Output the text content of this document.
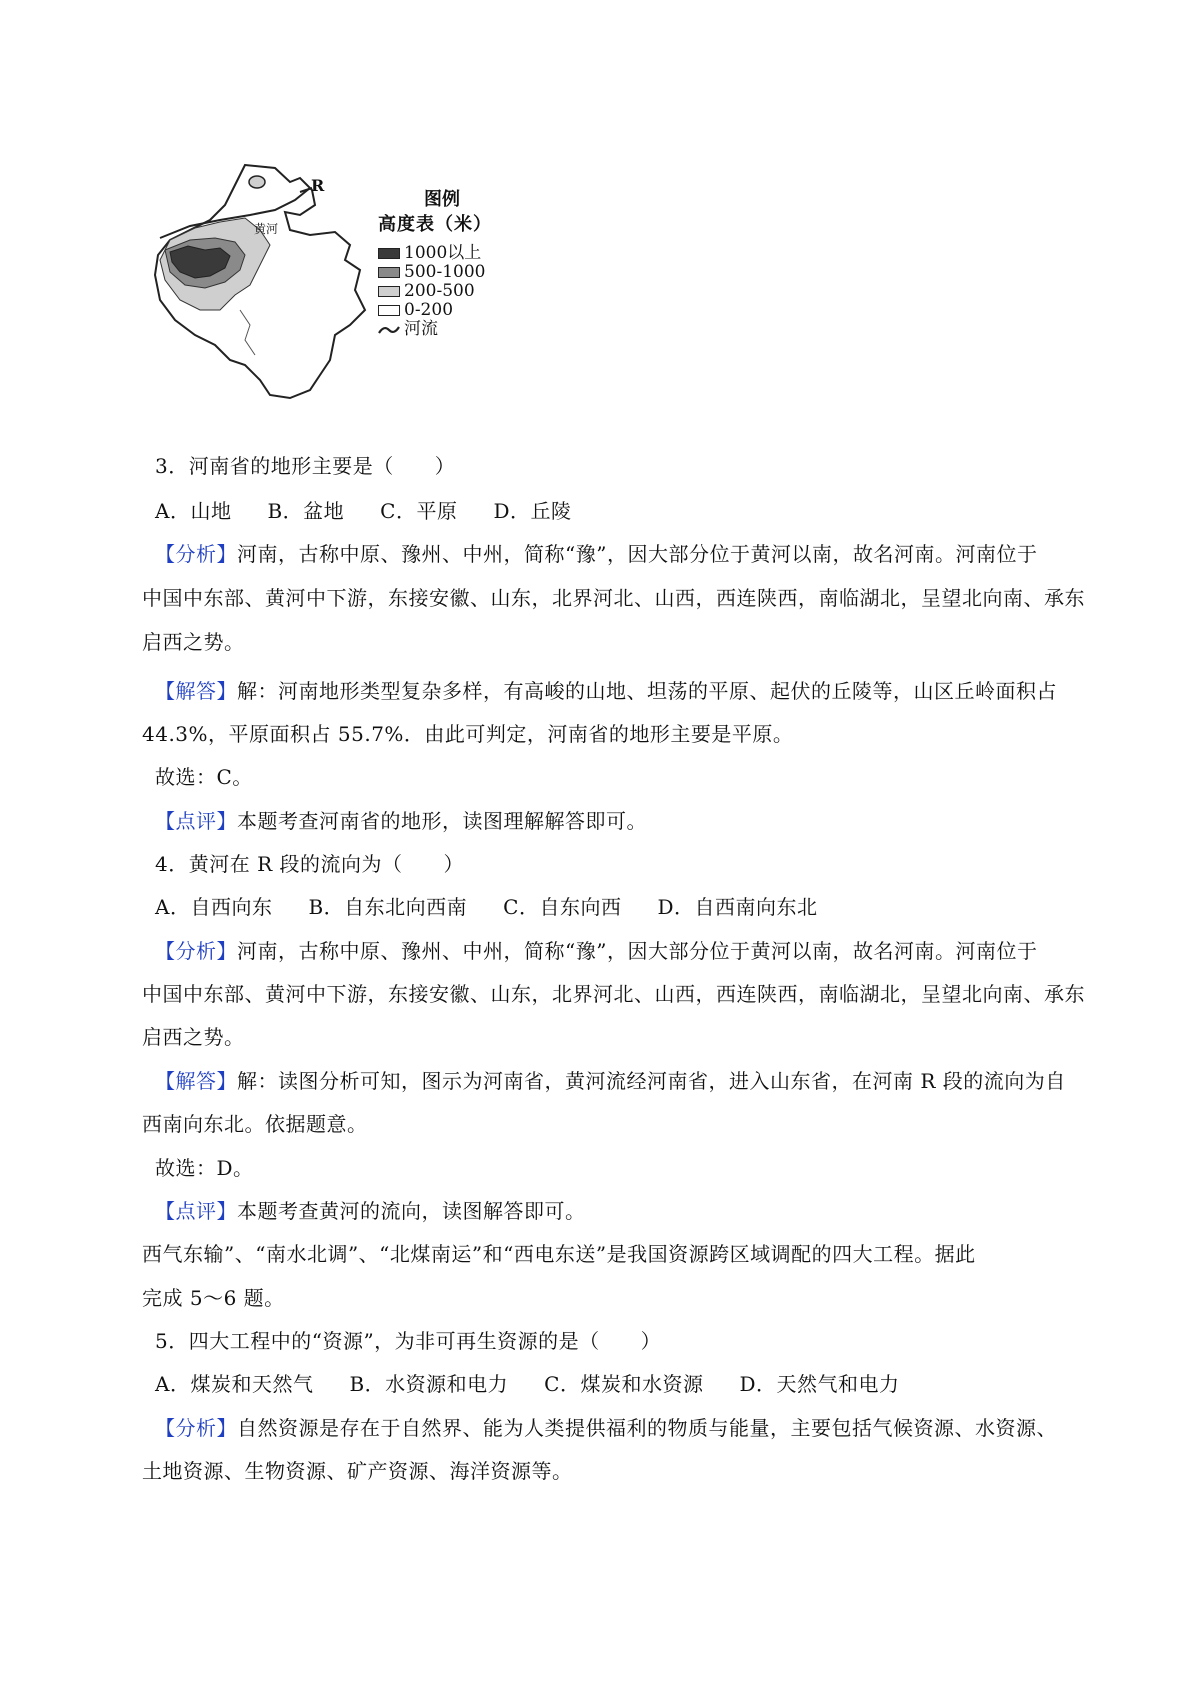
R
黄河
图例
高度表（米）
1000以上
500-1000
200-500
0-200
河流
3．河南省的地形主要是（　　）
A．山地 B．盆地 C．平原 D．丘陵
【分析】河南，古称中原、豫州、中州，简称“豫”，因大部分位于黄河以南，故名河南。河南位于
中国中东部、黄河中下游，东接安徽、山东，北界河北、山西，西连陕西，南临湖北，呈望北向南、承东
启西之势。
【解答】解：河南地形类型复杂多样，有高峻的山地、坦荡的平原、起伏的丘陵等，山区丘岭面积占
44.3%，平原面积占 55.7%．由此可判定，河南省的地形主要是平原。
故选：C。
【点评】本题考查河南省的地形，读图理解解答即可。
4．黄河在 R 段的流向为（　　）
A．自西向东 B．自东北向西南 C．自东向西 D．自西南向东北
【分析】河南，古称中原、豫州、中州，简称“豫”，因大部分位于黄河以南，故名河南。河南位于
中国中东部、黄河中下游，东接安徽、山东，北界河北、山西，西连陕西，南临湖北，呈望北向南、承东
启西之势。
【解答】解：读图分析可知，图示为河南省，黄河流经河南省，进入山东省，在河南 R 段的流向为自
西南向东北。依据题意。
故选：D。
【点评】本题考查黄河的流向，读图解答即可。
西气东输”、“南水北调”、“北煤南运”和“西电东送”是我国资源跨区域调配的四大工程。据此
完成 5～6 题。
5．四大工程中的“资源”，为非可再生资源的是（　　）
A．煤炭和天然气 B．水资源和电力 C．煤炭和水资源 D．天然气和电力
【分析】自然资源是存在于自然界、能为人类提供福利的物质与能量，主要包括气候资源、水资源、
土地资源、生物资源、矿产资源、海洋资源等。
